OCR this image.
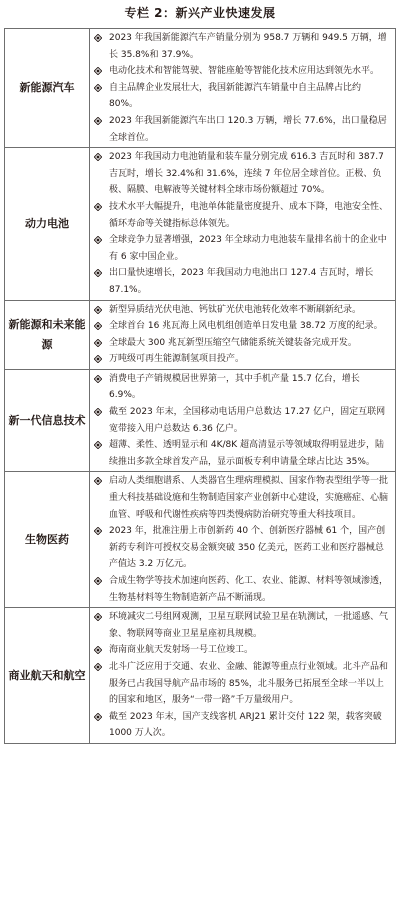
专栏 2：新兴产业快速发展
新能源汽车	2023 年我国新能源汽车产销量分别为 958.7 万辆和 949.5 万辆，增长 35.8%和 37.9%。
电动化技术和智能驾驶、智能座舱等智能化技术应用达到领先水平。
自主品牌企业发展壮大，我国新能源汽车销量中自主品牌占比约 80%。
2023 年我国新能源汽车出口 120.3 万辆，增长 77.6%，出口量稳居全球首位。

动力电池	2023 年我国动力电池销量和装车量分别完成 616.3 吉瓦时和 387.7 吉瓦时，增长 32.4%和 31.6%，连续 7 年位居全球首位。正极、负极、隔膜、电解液等关键材料全球市场份额超过 70%。
技术水平大幅提升，电池单体能量密度提升、成本下降，电池安全性、循环寿命等关键指标总体领先。
全球竞争力显著增强，2023 年全球动力电池装车量排名前十的企业中有 6 家中国企业。
出口量快速增长，2023 年我国动力电池出口 127.4 吉瓦时，增长 87.1%。

新能源和未来能源	新型异质结光伏电池、钙钛矿光伏电池转化效率不断刷新纪录。
全球首台 16 兆瓦海上风电机组创造单日发电量 38.72 万度的纪录。
全球最大 300 兆瓦新型压缩空气储能系统关键装备完成开发。
万吨级可再生能源制氢项目投产。

新一代信息技术	消费电子产销规模居世界第一，其中手机产量 15.7 亿台，增长 6.9%。
截至 2023 年末，全国移动电话用户总数达 17.27 亿户，固定互联网宽带接入用户总数达 6.36 亿户。
超薄、柔性、透明显示和 4K/8K 超高清显示等领域取得明显进步，陆续推出多款全球首发产品，显示面板专利申请量全球占比达 35%。

生物医药	启动人类细胞谱系、人类器官生理病理模拟、国家作物表型组学等一批重大科技基础设施和生物制造国家产业创新中心建设，实施癌症、心脑血管、呼吸和代谢性疾病等四类慢病防治研究等重大科技项目。
2023 年，批准注册上市创新药 40 个、创新医疗器械 61 个，国产创新药专利许可授权交易金额突破 350 亿美元，医药工业和医疗器械总产值达 3.2 万亿元。
合成生物学等技术加速向医药、化工、农业、能源、材料等领域渗透，生物基材料等生物制造新产品不断涌现。

商业航天和航空	环境减灾二号组网观测，卫星互联网试验卫星在轨测试，一批遥感、气象、物联网等商业卫星星座初具规模。
海南商业航天发射场一号工位竣工。
北斗广泛应用于交通、农业、金融、能源等重点行业领域。北斗产品和服务已占我国导航产品市场的 85%，北斗服务已拓展至全球一半以上的国家和地区，服务“一带一路”千万量级用户。
截至 2023 年末，国产支线客机 ARJ21 累计交付 122 架，载客突破 1000 万人次。
